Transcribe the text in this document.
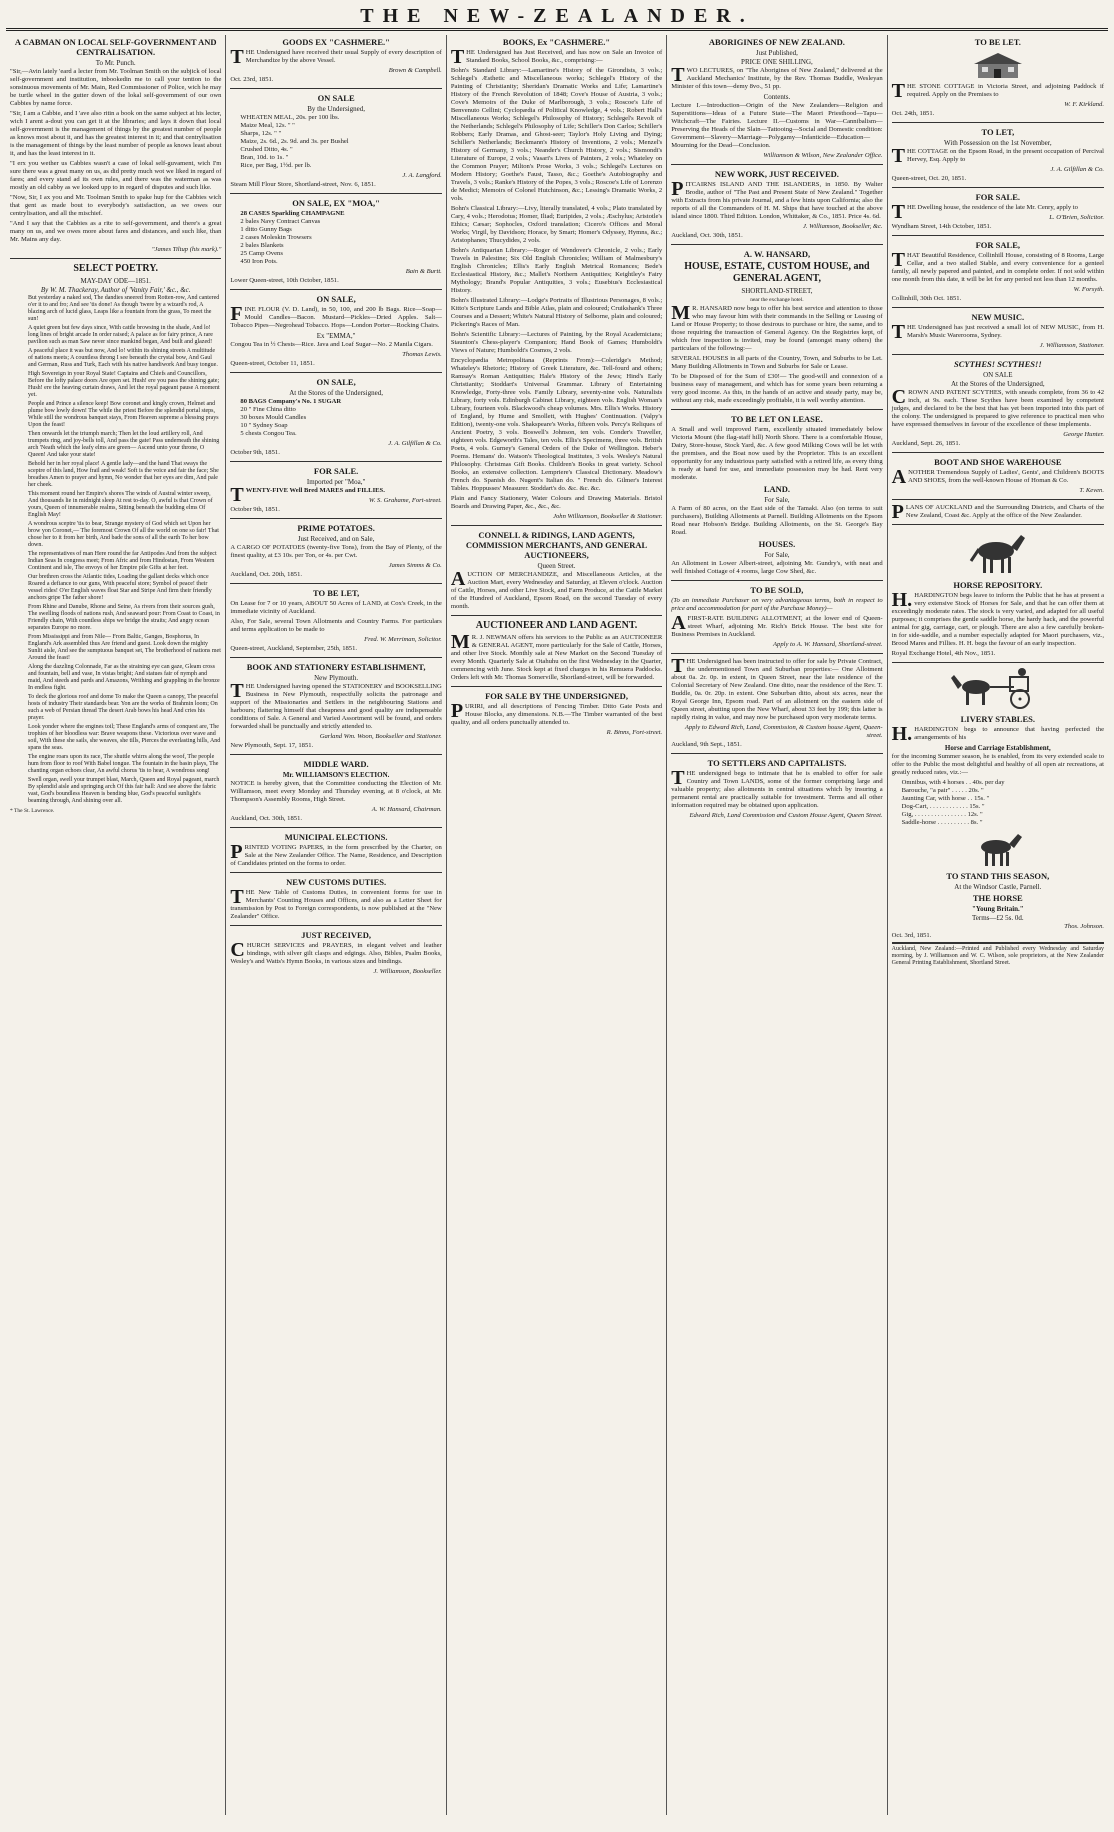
THE NEW-ZEALANDER.
A CABMAN ON LOCAL SELF-GOVERNMENT AND CENTRALISATION.
To Mr. Punch.
"Sir,—Avin lately 'eard a lecter from Mr. Toolman Smith on the subjick of local self-government and institution, inbookedin me to call your tention to the sonsinuous movements of Mr. Main, Red Commissioner of Police, wich he may be turtle wheel in the gutter down of the lokal self-government of our own Cabbies by name force.
"Sir, I am a Cabbie, and I 'ave also ritin a book on the same subject at his lecter, wich I arent a-dout you can get it at the libraries; and lays it down that local self-government is the management of things by the greatest number of people as knows most about it, and has the greatest interest in it; and that centrylisation is the management of things by the least number of people as knows least about it, and has the least interest in it.
"I erx you wether us Cabbies wasn't a case of lokal self-guvament, wich I'm sure there was a great many on us, as did pretty much wot we liked in regard of fares; and every stand ad its own rules, and there was the waterman as was mostly an old cabby as we looked upp to in regard of disputes and such like.
"Now, Sir, I ax you and Mr. Toolman Smith to spake hup for the Cabbies wich that gent as made bout to everybody's satisfaction, as we owes our centrylisation, and all the mischief.
"And I say that the Cabbies as a rite to self-government, and there's a great many on us, and we owes more about fares and distances, and such like, than Mr. Mains any day.
"James Tiltup (his mark)."
SELECT POETRY.
MAY-DAY ODE—1851.
By W. M. Thackeray, Author of 'Vanity Fair,' &c., &c.
But yesterday a naked sod, The dandies sneered from Rotten-row, And cantered o'er it to and fro; And see 'tis done! As though 'twere by a wizard's rod, A blazing arch of lucid glass, Leaps like a fountain from the grass, To meet the sun!
A quiet green but few days since, With cattle browsing in the shade, And lo! long lines of bright arcade In order raised; A palace as for fairy prince, A rare pavilion such as man Saw never since mankind began, And built and glazed!
A peaceful place it was but now, And lo! within its shining streets A multitude of nations meets; A countless throng I see beneath the crystal bow, And Gaul and German, Russ and Turk, Each with his native handiwork And busy tongue.
High Sovereign in your Royal State! Captains and Chiefs and Councillors, Before the lofty palace doors Are open set. Hush! ere you pass the shining gate; Hush! ere the heaving curtain draws, And let the royal pageant pause A moment yet.
People and Prince a silence keep! Bow coronet and kingly crown, Helmet and plume bow lowly down! The while the priest Before the splendid portal steps, While still the wondrous banquet stays, From Heaven supreme a blessing prays Upon the feast!
Then onwards let the triumph march; Then let the loud artillery roll, And trumpets ring, and joy-bells toll, And pass the gate! Pass underneath the shining arch 'Neath which the leafy elms are green— Ascend unto your throne, O Queen! And take your state!
Behold her in her royal place! A gentle lady—and the hand That sways the sceptre of this land, How frail and weak! Soft is the voice and fair the face; She breathes Amen to prayer and hymn, No wonder that her eyes are dim, And pale her cheek.
This moment round her Empire's shores The winds of Austral winter sweep, And thousands lie in midnight sleep At rest to-day. O, awful is that Crown of yours, Queen of innumerable realms, Sitting beneath the budding elms Of English May!
A wondrous sceptre 'tis to bear, Strange mystery of God which set Upon her brow yon Coronet,— The foremost Crown Of all the world on one so fair! That chose her to it from her birth, And bade the sons of all the earth To her bow down.
The representatives of man Here round the far Antipodes And from the subject Indian Seas In congress meet; From Afric and from Hindostan, From Western Continent and isle, The envoys of her Empire pile Gifts at her feet.
Our brethren cross the Atlantic tides, Loading the gallant decks which once Roared a defiance to our guns, With peaceful store; Symbol of peace! their vessel rides! O'er English waves float Star and Stripe And firm their friendly anchors gripe The father shore!
From Rhine and Danube, Rhone and Seine, As rivers from their sources gush, The swelling floods of nations rush, And seaward pour: From Coast to Coast, in Friendly chain, With countless ships we bridge the straits; And angry ocean separates Europe no more.
From Mississippi and from Nile— From Baltic, Ganges, Bosphorus, In England's Ark assembled thus Are friend and guest. Look down the mighty Sunlit aisle, And see the sumptuous banquet set, The brotherhood of nations met Around the feast!
Along the dazzling Colonnade, Far as the straining eye can gaze, Gleam cross and fountain, bell and vase, In vistas bright; And statues fair of nymph and maid, And steeds and pards and Amazons, Writhing and grappling in the bronze In endless fight.
To deck the glorious roof and dome To make the Queen a canopy, The peaceful hosts of industry Their standards bear. Yon are the works of Brahmin loom; On such a web of Persian thread The desert Arab bows his head And cries his prayer.
Look yonder where the engines toil; These England's arms of conquest are, The trophies of her bloodless war: Brave weapons these. Victorious over wave and soil, With these she sails, she weaves, she tills, Pierces the everlasting hills, And spans the seas.
The engine roars upon its race, The shuttle whirrs along the woof, The people hum from floor to roof With Babel tongue. The fountain in the basin plays, The chanting organ echoes clear, An awful chorus 'tis to hear, A wondrous song!
Swell organ, swell your trumpet blast, March, Queen and Royal pageant, march By splendid aisle and springing arch Of this fair hall: And see above the fabric vast, God's boundless Heaven is bending blue, God's peaceful sunlight's beaming through, And shining over all.
* The St. Lawrence.
GOODS EX "CASHMERE."
THE Undersigned have received their usual Supply of every description of Merchandize by the above Vessel.
Brown & Campbell.
Oct. 23rd, 1851.
ON SALE
By the Undersigned,
WHEATEN MEAL, 20s. per 100 lbs.
Maize Meal, 12s. " "
Sharps, 12s. " "
Maize, 2s. 6d., 2s. 9d. and 3s. per Bushel
Crushed Ditto, 4s. "
Bran, 10d. to 1s. "
Rice, per Bag, 1½d. per lb.
J. A. Langford.
Steam Mill Flour Store, Shortland-street, Nov. 6, 1851.
ON SALE, EX "MOA,"
28 CASES Sparkling CHAMPAGNE
2 bales Navy Contract Canvas
1 ditto Gunny Bags
2 cases Moleskin Trowsers
2 bales Blankets
25 Camp Ovens
450 Iron Pots.
Bain & Burtt.
Lower Queen-street, 10th October, 1851.
ON SALE,
FINE FLOUR (V. D. Land), in 50, 100, and 200 lb Bags. Rice—Soap—Mould Candles—Bacon. Mustard—Pickles—Dried Apples. Salt—Tobacco Pipes—Negrohead Tobacco. Hops—London Porter—Rocking Chairs.
Ex "EMMA,"
Congou Tea in ½ Chests—Rice. Java and Loaf Sugar—No. 2 Manila Cigars.
Thomas Lewis.
Queen-street, October 11, 1851.
ON SALE,
At the Stores of the Undersigned,
80 BAGS Company's No. 1 SUGAR
20 " Fine China ditto
30 boxes Mould Candles
10 " Sydney Soap
5 chests Congou Tea.
J. A. Gilfillan & Co.
October 9th, 1851.
FOR SALE.
Imported per "Moa,"
TWENTY-FIVE Well Bred MARES and FILLIES.
W. S. Grahame, Fort-street.
October 9th, 1851.
PRIME POTATOES.
Just Received, and on Sale,
A CARGO OF POTATOES (twenty-five Tons), from the Bay of Plenty, of the finest quality, at £3 10s. per Ton, or 4s. per Cwt.
James Simms & Co.
Auckland, Oct. 20th, 1851.
TO BE LET,
On Lease for 7 or 10 years, ABOUT 50 Acres of LAND, at Cox's Creek, in the immediate vicinity of Auckland.
Also, For Sale, several Town Allotments and Country Farms. For particulars and terms application to be made to
Fred. W. Merriman, Solicitor.
Queen-street, Auckland, September, 25th, 1851.
BOOK AND STATIONERY ESTABLISHMENT,
New Plymouth.
THE Undersigned having opened the STATIONERY and BOOKSELLING Business in New Plymouth, respectfully solicits the patronage and support of the Missionaries and Settlers in the neighbouring Stations and harbours; flattering himself that cheapness and good quality are indispensable conditions of Sale. A General and Varied Assortment will be found, and orders forwarded shall be punctually and strictly attended to.
Garland Wm. Woon, Bookseller and Stationer.
New Plymouth, Sept. 17, 1851.
MIDDLE WARD.
Mr. WILLIAMSON'S ELECTION.
NOTICE is hereby given, that the Committee conducting the Election of Mr. Williamson, meet every Monday and Thursday evening, at 8 o'clock, at Mr. Thompson's Assembly Rooms, High Street.
A. W. Hansard, Chairman.
Auckland, Oct. 30th, 1851.
MUNICIPAL ELECTIONS.
PRINTED VOTING PAPERS, in the form prescribed by the Charter, on Sale at the New Zealander Office. The Name, Residence, and Description of Candidates printed on the forms to order.
NEW CUSTOMS DUTIES.
THE New Table of Customs Duties, in convenient forms for use in Merchants' Counting Houses and Offices, and also as a Letter Sheet for transmission by Post to Foreign correspondents, is now published at the "New Zealander" Office.
JUST RECEIVED,
CHURCH SERVICES and PRAYERS, in elegant velvet and leather bindings, with silver gilt clasps and edgings. Also, Bibles, Psalm Books, Wesley's and Watts's Hymn Books, in various sizes and bindings.
J. Williamson, Bookseller.
BOOKS, Ex "CASHMERE."
THE Undersigned has Just Received, and has now on Sale an Invoice of Standard Books, School Books, &c., comprising:—
Bohn's Standard Library:—Lamartine's History of the Girondists, 3 vols.; Schlegel's Æsthetic and Miscellaneous works; Schlegel's History of the Painting of Christianity; Sheridan's Dramatic Works and Life; Lamartine's History of the French Revolution of 1848; Cove's House of Austria, 3 vols.; Cove's Memoirs of the Duke of Marlborough, 3 vols.; Roscoe's Life of Benvenuto Cellini; Cyclopædia of Political Knowledge, 4 vols.; Robert Hall's Miscellaneous Works; Schlegel's Philosophy of History; Schlegel's Revolt of the Netherlands; Schlegel's Philosophy of Life; Schiller's Don Carlos; Schiller's Robbers; Early Dramas, and Ghost-seer; Taylor's Holy Living and Dying; Schiller's Netherlands; Beckmann's History of Inventions, 2 vols.; Menzel's History of Germany, 3 vols.; Neander's Church History, 2 vols.; Sismondi's Literature of Europe, 2 vols.; Vasari's Lives of Painters, 2 vols.; Whateley on the Common Prayer; Milton's Prose Works, 3 vols.; Schlegel's Lectures on Modern History; Goethe's Faust, Tasso, &c.; Goethe's Autobiography and Travels, 3 vols.; Ranke's History of the Popes, 3 vols.; Roscoe's Life of Lorenzo de Medici; Memoirs of Colonel Hutchinson, &c.; Lessing's Dramatic Works, 2 vols.
Bohn's Classical Library:—Livy, literally translated, 4 vols.; Plato translated by Cary, 4 vols.; Herodotus; Homer, Iliad; Euripides, 2 vols.; Æschylus; Aristotle's Ethics; Cæsar; Sophocles, Oxford translation; Cicero's Offices and Moral Works; Virgil, by Davidson; Horace, by Smart; Homer's Odyssey, Hymns, &c.; Aristophanes; Thucydides, 2 vols.
Bohn's Antiquarian Library:—Roger of Wendover's Chronicle, 2 vols.; Early Travels in Palestine; Six Old English Chronicles; William of Malmesbury's English Chronicles; Ellis's Early English Metrical Romances; Bede's Ecclesiastical History, &c.; Mallet's Northern Antiquities; Keightley's Fairy Mythology; Brand's Popular Antiquities, 3 vols.; Eusebius's Ecclesiastical History.
Bohn's Illustrated Library:—Lodge's Portraits of Illustrious Personages, 8 vols.; Kitto's Scripture Lands and Bible Atlas, plain and coloured; Cruikshank's Three Courses and a Dessert; White's Natural History of Selborne, plain and coloured; Pickering's Races of Man.
Bohn's Scientific Library:—Lectures of Painting, by the Royal Academicians; Staunton's Chess-player's Companion; Hand Book of Games; Humboldt's Views of Nature; Humboldt's Cosmos, 2 vols.
Encyclopædia Metropolitana (Reprints From):—Coleridge's Method; Whateley's Rhetoric; History of Greek Literature, &c. Tell-fourd and others; Ramsay's Roman Antiquities; Hale's History of the Jews; Hind's Early Christianity; Stoddart's Universal Grammar. Library of Entertaining Knowledge, Forty-three vols. Family Library, seventy-nine vols. Naturalists Library, forty vols. Edinburgh Cabinet Library, eighteen vols. English Woman's Library, fourteen vols. Blackwood's cheap volumes. Mrs. Ellis's Works. History of England, by Hume and Smollett, with Hughes' Continuation. (Valpy's Edition), twenty-one vols. Shakspeare's Works, fifteen vols. Percy's Reliques of Ancient Poetry, 3 vols. Boswell's Johnson, ten vols. Conder's Traveller, eighteen vols. Edgeworth's Tales, ten vols. Ellis's Specimens, three vols. British Poets, 4 vols. Gurney's General Orders of the Duke of Wellington. Heber's Poems. Hemans' do. Watson's Theological Institutes, 3 vols. Wesley's Natural Philosophy. Christmas Gift Books. Children's Books in great variety. School Books, an extensive collection. Lempriere's Classical Dictionary. Meadow's French do. Spanish do. Nugent's Italian do. " French do. Gilmer's Interest Tables. Hoppusses' Measurer. Stoddart's do. &c. &c. &c.
Plain and Fancy Stationery, Water Colours and Drawing Materials. Bristol Boards and Drawing Paper, &c., &c., &c.
John Williamson, Bookseller & Stationer.
CONNELL & RIDINGS, LAND AGENTS, COMMISSION MERCHANTS, AND GENERAL AUCTIONEERS,
Queen Street.
AUCTION OF MERCHANDIZE, and Miscellaneous Articles, at the Auction Mart, every Wednesday and Saturday, at Eleven o'clock. Auction of Cattle, Horses, and other Live Stock, and Farm Produce, at the Cattle Market of the Hundred of Auckland, Epsom Road, on the second Tuesday of every month.
AUCTIONEER AND LAND AGENT.
MR. J. NEWMAN offers his services to the Public as an AUCTIONEER & GENERAL AGENT, more particularly for the Sale of Cattle, Horses, and other live Stock. Monthly sale at New Market on the Second Tuesday of every Month. Quarterly Sale at Otahuhu on the first Wednesday in the Quarter, commencing with June. Stock kept at fixed charges in his Remuera Paddocks. Orders left with Mr. Thomas Somerville, Shortland-street, will be forwarded.
FOR SALE BY THE UNDERSIGNED,
PURIRI, and all descriptions of Fencing Timber. Ditto Gate Posts and House Blocks, any dimensions. N.B.—The Timber warranted of the best quality, and all orders punctually attended to.
R. Binns, Fort-street.
ABORIGINES OF NEW ZEALAND.
Just Published,
PRICE ONE SHILLING,
TWO LECTURES, on "The Aborigines of New Zealand," delivered at the Auckland Mechanics' Institute, by the Rev. Thomas Buddle, Wesleyan Minister of this town—demy 8vo., 51 pp.
Contents.
Lecture I.—Introduction—Origin of the New Zealanders—Religion and Superstitions—Ideas of a Future State—The Maori Priesthood—Tapu—Witchcraft—The Fairies. Lecture II.—Customs in War—Cannibalism—Preserving the Heads of the Slain—Tattooing—Social and Domestic condition: Government—Slavery—Marriage—Polygamy—Infanticide—Education—Mourning for the Dead—Conclusion.
Williamson & Wilson, New Zealander Office.
NEW WORK, JUST RECEIVED.
PITCAIRNS ISLAND AND THE ISLANDERS, in 1850. By Walter Brodie, author of "The Past and Present State of New Zealand." Together with Extracts from his private Journal, and a few hints upon California; also the reports of all the Commanders of H. M. Ships that have touched at the above island since 1800. Third Edition. London, Whittaker, & Co., 1851. Price 4s. 6d.
J. Williamson, Bookseller, &c.
Auckland, Oct. 30th, 1851.
A. W. HANSARD,
HOUSE, ESTATE, CUSTOM HOUSE, and GENERAL AGENT,
SHORTLAND-STREET,
near the exchange hotel.
MR. HANSARD now begs to offer his best service and attention to those who may favour him with their commands in the Selling or Leasing of Land or House Property; to those desirous to purchase or hire, the same, and to those requiring the transaction of General Agency. On the Registries kept, of which free inspection is invited, may be found (amongst many others) the particulars of the following:—
SEVERAL HOUSES in all parts of the Country, Town, and Suburbs to be Let. Many Building Allotments in Town and Suburbs for Sale or Lease.
To be Disposed of for the Sum of £30!— The good-will and connexion of a business easy of management, and which has for some years been returning a very good income. As this, in the hands of an active and steady party, may be, without any risk, made exceedingly profitable, it is well worthy attention.
TO BE LET ON LEASE.
A Small and well improved Farm, excellently situated immediately below Victoria Mount (the flag-staff hill) North Shore. There is a comfortable House, Dairy, Store-house, Stock Yard, &c. A few good Milking Cows will be let with the premises, and the Boat now used by the Proprietor. This is an excellent opportunity for any industrious party satisfied with a retired life, as every thing is ready at hand for use, and immediate possession may be had. Rent very moderate.
LAND.
For Sale,
A Farm of 80 acres, on the East side of the Tamaki. Also (on terms to suit purchasers), Building Allotments at Parnell. Building Allotments on the Epsom Road near Hobson's Bridge. Building Allotments, on the St. George's Bay Road.
HOUSES.
For Sale,
An Allotment in Lower Albert-street, adjoining Mr. Gundry's, with neat and well finished Cottage of 4 rooms, large Cow Shed, &c.
TO BE SOLD,
(To an immediate Purchaser on very advantageous terms, both in respect to price and accommodation for part of the Purchase Money)—
AFIRST-RATE BUILDING ALLOTMENT, at the lower end of Queen-street Wharf, adjoining Mr. Rich's Brick House. The best site for Business Premises in Auckland.
Apply to A. W. Hansard, Shortland-street.
THE Undersigned has been instructed to offer for sale by Private Contract, the undermentioned Town and Suburban properties:— One Allotment about 0a. 2r. 0p. in extent, in Queen Street, near the late residence of the Colonial Secretary of New Zealand. One ditto, near the residence of the Rev. T. Buddle, 0a. 0r. 20p. in extent. One Suburban ditto, about six acres, near the Royal George Inn, Epsom road. Part of an allotment on the eastern side of Queen street, abutting upon the New Wharf, about 33 feet by 199; this latter is rapidly rising in value, and may now be purchased upon very moderate terms.
Apply to Edward Rich, Land, Commission, & Custom house Agent, Queen-street.
Auckland, 9th Sept., 1851.
TO SETTLERS AND CAPITALISTS.
THE undersigned begs to intimate that he is enabled to offer for sale Country and Town LANDS, some of the former comprising large and valuable property; also allotments in central situations which by insuring a permanent rental are practically suitable for investment. Terms and all other information required may be obtained upon application.
Edward Rich, Land Commission and Custom House Agent, Queen Street.
TO BE LET.
THE STONE COTTAGE in Victoria Street, and adjoining Paddock if required. Apply on the Premises to
W. F. Kirkland.
Oct. 24th, 1851.
TO LET,
With Possession on the 1st November,
THE COTTAGE on the Epsom Road, in the present occupation of Percival Hervey, Esq. Apply to
J. A. Gilfillan & Co.
Queen-street, Oct. 20, 1851.
FOR SALE.
THE Dwelling house, the residence of the late Mr. Cenry, apply to
L. O'Brien, Solicitor.
Wyndham Street, 14th October, 1851.
FOR SALE,
THAT Beautiful Residence, Collinhill House, consisting of 8 Rooms, Large Cellar, and a two stalled Stable, and every convenience for a genteel family, all newly papered and painted, and in complete order. If not sold within one month from this date, it will be let for any period not less than 12 months.
W. Forsyth.
Collinhill, 30th Oct. 1851.
NEW MUSIC.
THE Undersigned has just received a small lot of NEW MUSIC, from H. Marsh's Music Warerooms, Sydney.
J. Williamson, Stationer.
SCYTHES! SCYTHES!!
ON SALE
At the Stores of the Undersigned,
CROWN AND PATENT SCYTHES, with sneads complete, from 36 to 42 inch, at 9s. each. These Scythes have been examined by competent judges, and declared to be the best that has yet been imported into this part of the colony. The undersigned is prepared to give reference to practical men who have expressed themselves in favour of the excellence of these implements.
George Hunter.
Auckland, Sept. 26, 1851.
BOOT AND SHOE WAREHOUSE
ANOTHER Tremendous Supply of Ladies', Gents', and Children's BOOTS AND SHOES, from the well-known House of Homan & Co.
T. Keven.
PLANS OF AUCKLAND and the Surrounding Districts, and Charts of the New Zealand, Coast &c. Apply at the office of the New Zealander.
HORSE REPOSITORY.
H.HARDINGTON begs leave to inform the Public that he has at present a very extensive Stock of Horses for Sale, and that he can offer them at exceedingly moderate rates. The stock is very varied, and adapted for all useful purposes; it comprises the gentle saddle horse, the hardy hack, and the powerful animal for gig, carriage, cart, or plough. There are also a few carefully broken-in for side-saddle, and a number especially adapted for Maori purchasers, viz., Brood Mares and Fillies. H. H. begs the favour of an early inspection.
Royal Exchange Hotel, 4th Nov., 1851.
LIVERY STABLES.
H.HARDINGTON begs to announce that having perfected the arrangements of his
Horse and Carriage Establishment,
for the incoming Summer season, he is enabled, from its very extended scale to offer to the Public the most delightful and healthy of all open air recreations, at greatly reduced rates, viz.:—
Omnibus, with 4 horses . . 40s. per day
Barouche, "a pair" . . . . . 20s. "
Jaunting Car, with horse . . 15s. "
Dog-Cart, . . . . . . . . . . . . 15s. "
Gig, . . . . . . . . . . . . . . . . 12s. "
Saddle-horse . . . . . . . . . . 8s. "
TO STAND THIS SEASON,
At the Windsor Castle, Parnell.
THE HORSE
"Young Britain."
Terms—£2 5s. 0d.
Thos. Johnson.
Oct. 3rd, 1851.
Auckland, New Zealand:—Printed and Published every Wednesday and Saturday morning, by J. Williamson and W. C. Wilson, sole proprietors, at the New Zealander General Printing Establishment, Shortland Street.
